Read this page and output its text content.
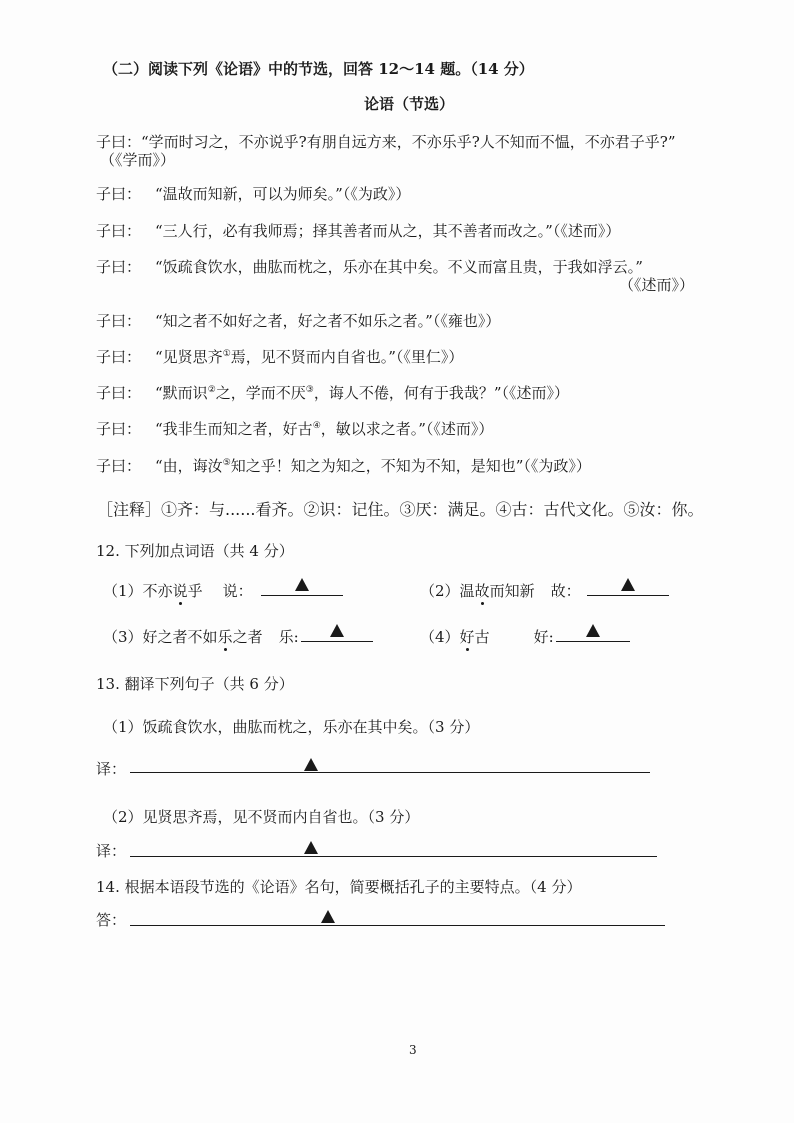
（二）阅读下列《论语》中的节选，回答 12～14 题。（14 分）
论语（节选）
子曰：“学而时习之，不亦说乎?有朋自远方来，不亦乐乎?人不知而不愠，不亦君子乎?”
（《学而》）
子曰： “温故而知新，可以为师矣。”（《为政》）
子曰： “三人行，必有我师焉；择其善者而从之，其不善者而改之。”（《述而》）
子曰： “饭疏食饮水，曲肱而枕之，乐亦在其中矣。不义而富且贵，于我如浮云。”
（《述而》）
子曰： “知之者不如好之者，好之者不如乐之者。”（《雍也》）
子曰： “见贤思齐①焉，见不贤而内自省也。”（《里仁》）
子曰： “默而识②之，学而不厌③，诲人不倦，何有于我哉？”（《述而》）
子曰： “我非生而知之者，好古④，敏以求之者。”（《述而》）
子曰： “由，诲汝⑤知之乎！知之为知之，不知为不知，是知也”（《为政》）
［注释］①齐：与......看齐。②识：记住。③厌：满足。④古：古代文化。⑤汝：你。
12. 下列加点词语（共 4 分）
（1）不亦说乎 说：	（2）温故而知新 故：
（3）好之者不如乐之者 乐:	（4）好古	好:
13. 翻译下列句子（共 6 分）
（1）饭疏食饮水，曲肱而枕之，乐亦在其中矣。（3 分）
译：
（2）见贤思齐焉，见不贤而内自省也。（3 分）
译：
14. 根据本语段节选的《论语》名句，简要概括孔子的主要特点。（4 分）
答：
3
